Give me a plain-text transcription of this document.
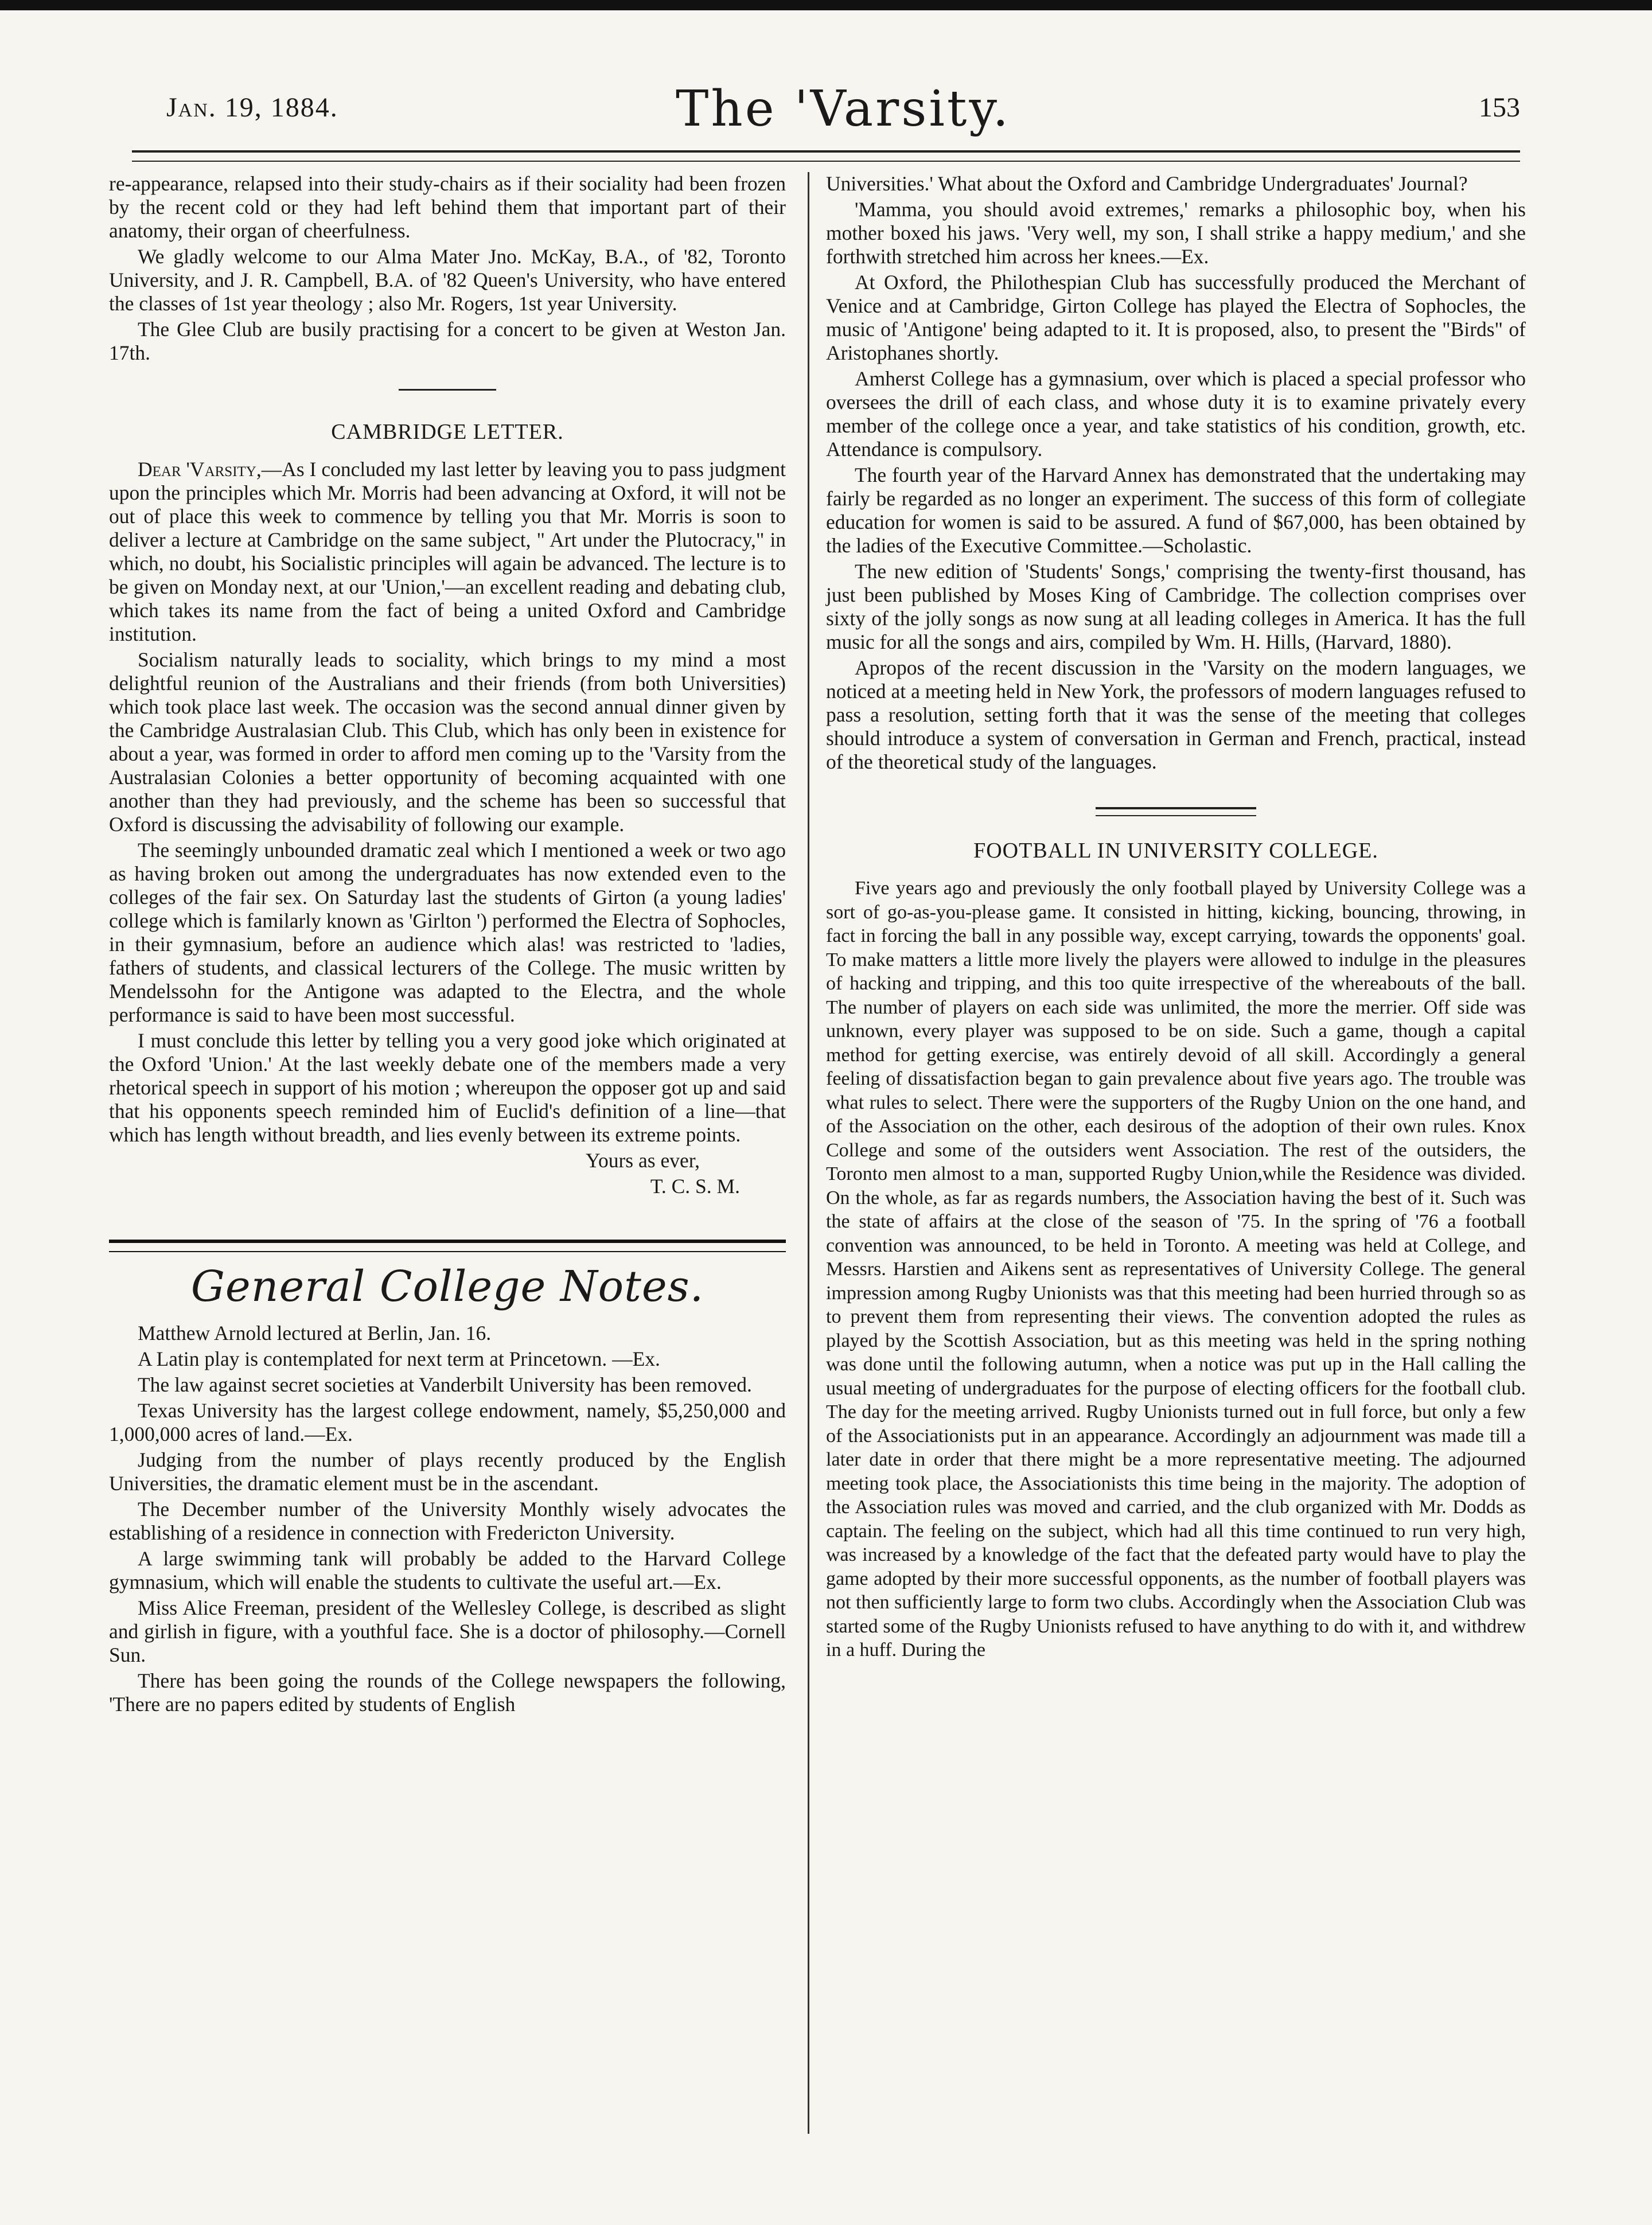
Jan. 19, 1884.	The 'Varsity.	153

re-appearance, relapsed into their study-chairs as if their sociality had been frozen by the recent cold or they had left behind them that important part of their anatomy, their organ of cheerfulness.

We gladly welcome to our Alma Mater Jno. McKay, B.A., of '82, Toronto University, and J. R. Campbell, B.A. of '82 Queen's University, who have entered the classes of 1st year theology ; also Mr. Rogers, 1st year University.

The Glee Club are busily practising for a concert to be given at Weston Jan. 17th.

CAMBRIDGE LETTER.

Dear 'Varsity,—As I concluded my last letter by leaving you to pass judgment upon the principles which Mr. Morris had been advancing at Oxford, it will not be out of place this week to commence by telling you that Mr. Morris is soon to deliver a lecture at Cambridge on the same subject, " Art under the Plutocracy," in which, no doubt, his Socialistic principles will again be advanced. The lecture is to be given on Monday next, at our 'Union,'—an excellent reading and debating club, which takes its name from the fact of being a united Oxford and Cambridge institution.

Socialism naturally leads to sociality, which brings to my mind a most delightful reunion of the Australians and their friends (from both Universities) which took place last week. The occasion was the second annual dinner given by the Cambridge Australasian Club. This Club, which has only been in existence for about a year, was formed in order to afford men coming up to the 'Varsity from the Australasian Colonies a better opportunity of becoming acquainted with one another than they had previously, and the scheme has been so successful that Oxford is discussing the advisability of following our example.

The seemingly unbounded dramatic zeal which I mentioned a week or two ago as having broken out among the undergraduates has now extended even to the colleges of the fair sex. On Saturday last the students of Girton (a young ladies' college which is familarly known as 'Girlton ') performed the Electra of Sophocles, in their gymnasium, before an audience which alas! was restricted to 'ladies, fathers of students, and classical lecturers of the College. The music written by Mendelssohn for the Antigone was adapted to the Electra, and the whole performance is said to have been most successful.

I must conclude this letter by telling you a very good joke which originated at the Oxford 'Union.' At the last weekly debate one of the members made a very rhetorical speech in support of his motion ; whereupon the opposer got up and said that his opponents speech reminded him of Euclid's definition of a line—that which has length without breadth, and lies evenly between its extreme points.

Yours as ever,

T. C. S. M.

General College Notes.

Matthew Arnold lectured at Berlin, Jan. 16.

A Latin play is contemplated for next term at Princetown. —Ex.

The law against secret societies at Vanderbilt University has been removed.

Texas University has the largest college endowment, namely, $5,250,000 and 1,000,000 acres of land.—Ex.

Judging from the number of plays recently produced by the English Universities, the dramatic element must be in the ascendant.

The December number of the University Monthly wisely advocates the establishing of a residence in connection with Fredericton University.

A large swimming tank will probably be added to the Harvard College gymnasium, which will enable the students to cultivate the useful art.—Ex.

Miss Alice Freeman, president of the Wellesley College, is described as slight and girlish in figure, with a youthful face. She is a doctor of philosophy.—Cornell Sun.

There has been going the rounds of the College newspapers the following, 'There are no papers edited by students of English

Universities.' What about the Oxford and Cambridge Undergraduates' Journal?

'Mamma, you should avoid extremes,' remarks a philosophic boy, when his mother boxed his jaws. 'Very well, my son, I shall strike a happy medium,' and she forthwith stretched him across her knees.—Ex.

At Oxford, the Philothespian Club has successfully produced the Merchant of Venice and at Cambridge, Girton College has played the Electra of Sophocles, the music of 'Antigone' being adapted to it. It is proposed, also, to present the "Birds" of Aristophanes shortly.

Amherst College has a gymnasium, over which is placed a special professor who oversees the drill of each class, and whose duty it is to examine privately every member of the college once a year, and take statistics of his condition, growth, etc. Attendance is compulsory.

The fourth year of the Harvard Annex has demonstrated that the undertaking may fairly be regarded as no longer an experiment. The success of this form of collegiate education for women is said to be assured. A fund of $67,000, has been obtained by the ladies of the Executive Committee.—Scholastic.

The new edition of 'Students' Songs,' comprising the twenty-first thousand, has just been published by Moses King of Cambridge. The collection comprises over sixty of the jolly songs as now sung at all leading colleges in America. It has the full music for all the songs and airs, compiled by Wm. H. Hills, (Harvard, 1880).

Apropos of the recent discussion in the 'Varsity on the modern languages, we noticed at a meeting held in New York, the professors of modern languages refused to pass a resolution, setting forth that it was the sense of the meeting that colleges should introduce a system of conversation in German and French, practical, instead of the theoretical study of the languages.

FOOTBALL IN UNIVERSITY COLLEGE.

Five years ago and previously the only football played by University College was a sort of go-as-you-please game. It consisted in hitting, kicking, bouncing, throwing, in fact in forcing the ball in any possible way, except carrying, towards the opponents' goal. To make matters a little more lively the players were allowed to indulge in the pleasures of hacking and tripping, and this too quite irrespective of the whereabouts of the ball. The number of players on each side was unlimited, the more the merrier. Off side was unknown, every player was supposed to be on side. Such a game, though a capital method for getting exercise, was entirely devoid of all skill. Accordingly a general feeling of dissatisfaction began to gain prevalence about five years ago. The trouble was what rules to select. There were the supporters of the Rugby Union on the one hand, and of the Association on the other, each desirous of the adoption of their own rules. Knox College and some of the outsiders went Association. The rest of the outsiders, the Toronto men almost to a man, supported Rugby Union,while the Residence was divided. On the whole, as far as regards numbers, the Association having the best of it. Such was the state of affairs at the close of the season of '75. In the spring of '76 a football convention was announced, to be held in Toronto. A meeting was held at College, and Messrs. Harstien and Aikens sent as representatives of University College. The general impression among Rugby Unionists was that this meeting had been hurried through so as to prevent them from representing their views. The convention adopted the rules as played by the Scottish Association, but as this meeting was held in the spring nothing was done until the following autumn, when a notice was put up in the Hall calling the usual meeting of undergraduates for the purpose of electing officers for the football club. The day for the meeting arrived. Rugby Unionists turned out in full force, but only a few of the Associationists put in an appearance. Accordingly an adjournment was made till a later date in order that there might be a more representative meeting. The adjourned meeting took place, the Associationists this time being in the majority. The adoption of the Association rules was moved and carried, and the club organized with Mr. Dodds as captain. The feeling on the subject, which had all this time continued to run very high, was increased by a knowledge of the fact that the defeated party would have to play the game adopted by their more successful opponents, as the number of football players was not then sufficiently large to form two clubs. Accordingly when the Association Club was started some of the Rugby Unionists refused to have anything to do with it, and withdrew in a huff. During the
